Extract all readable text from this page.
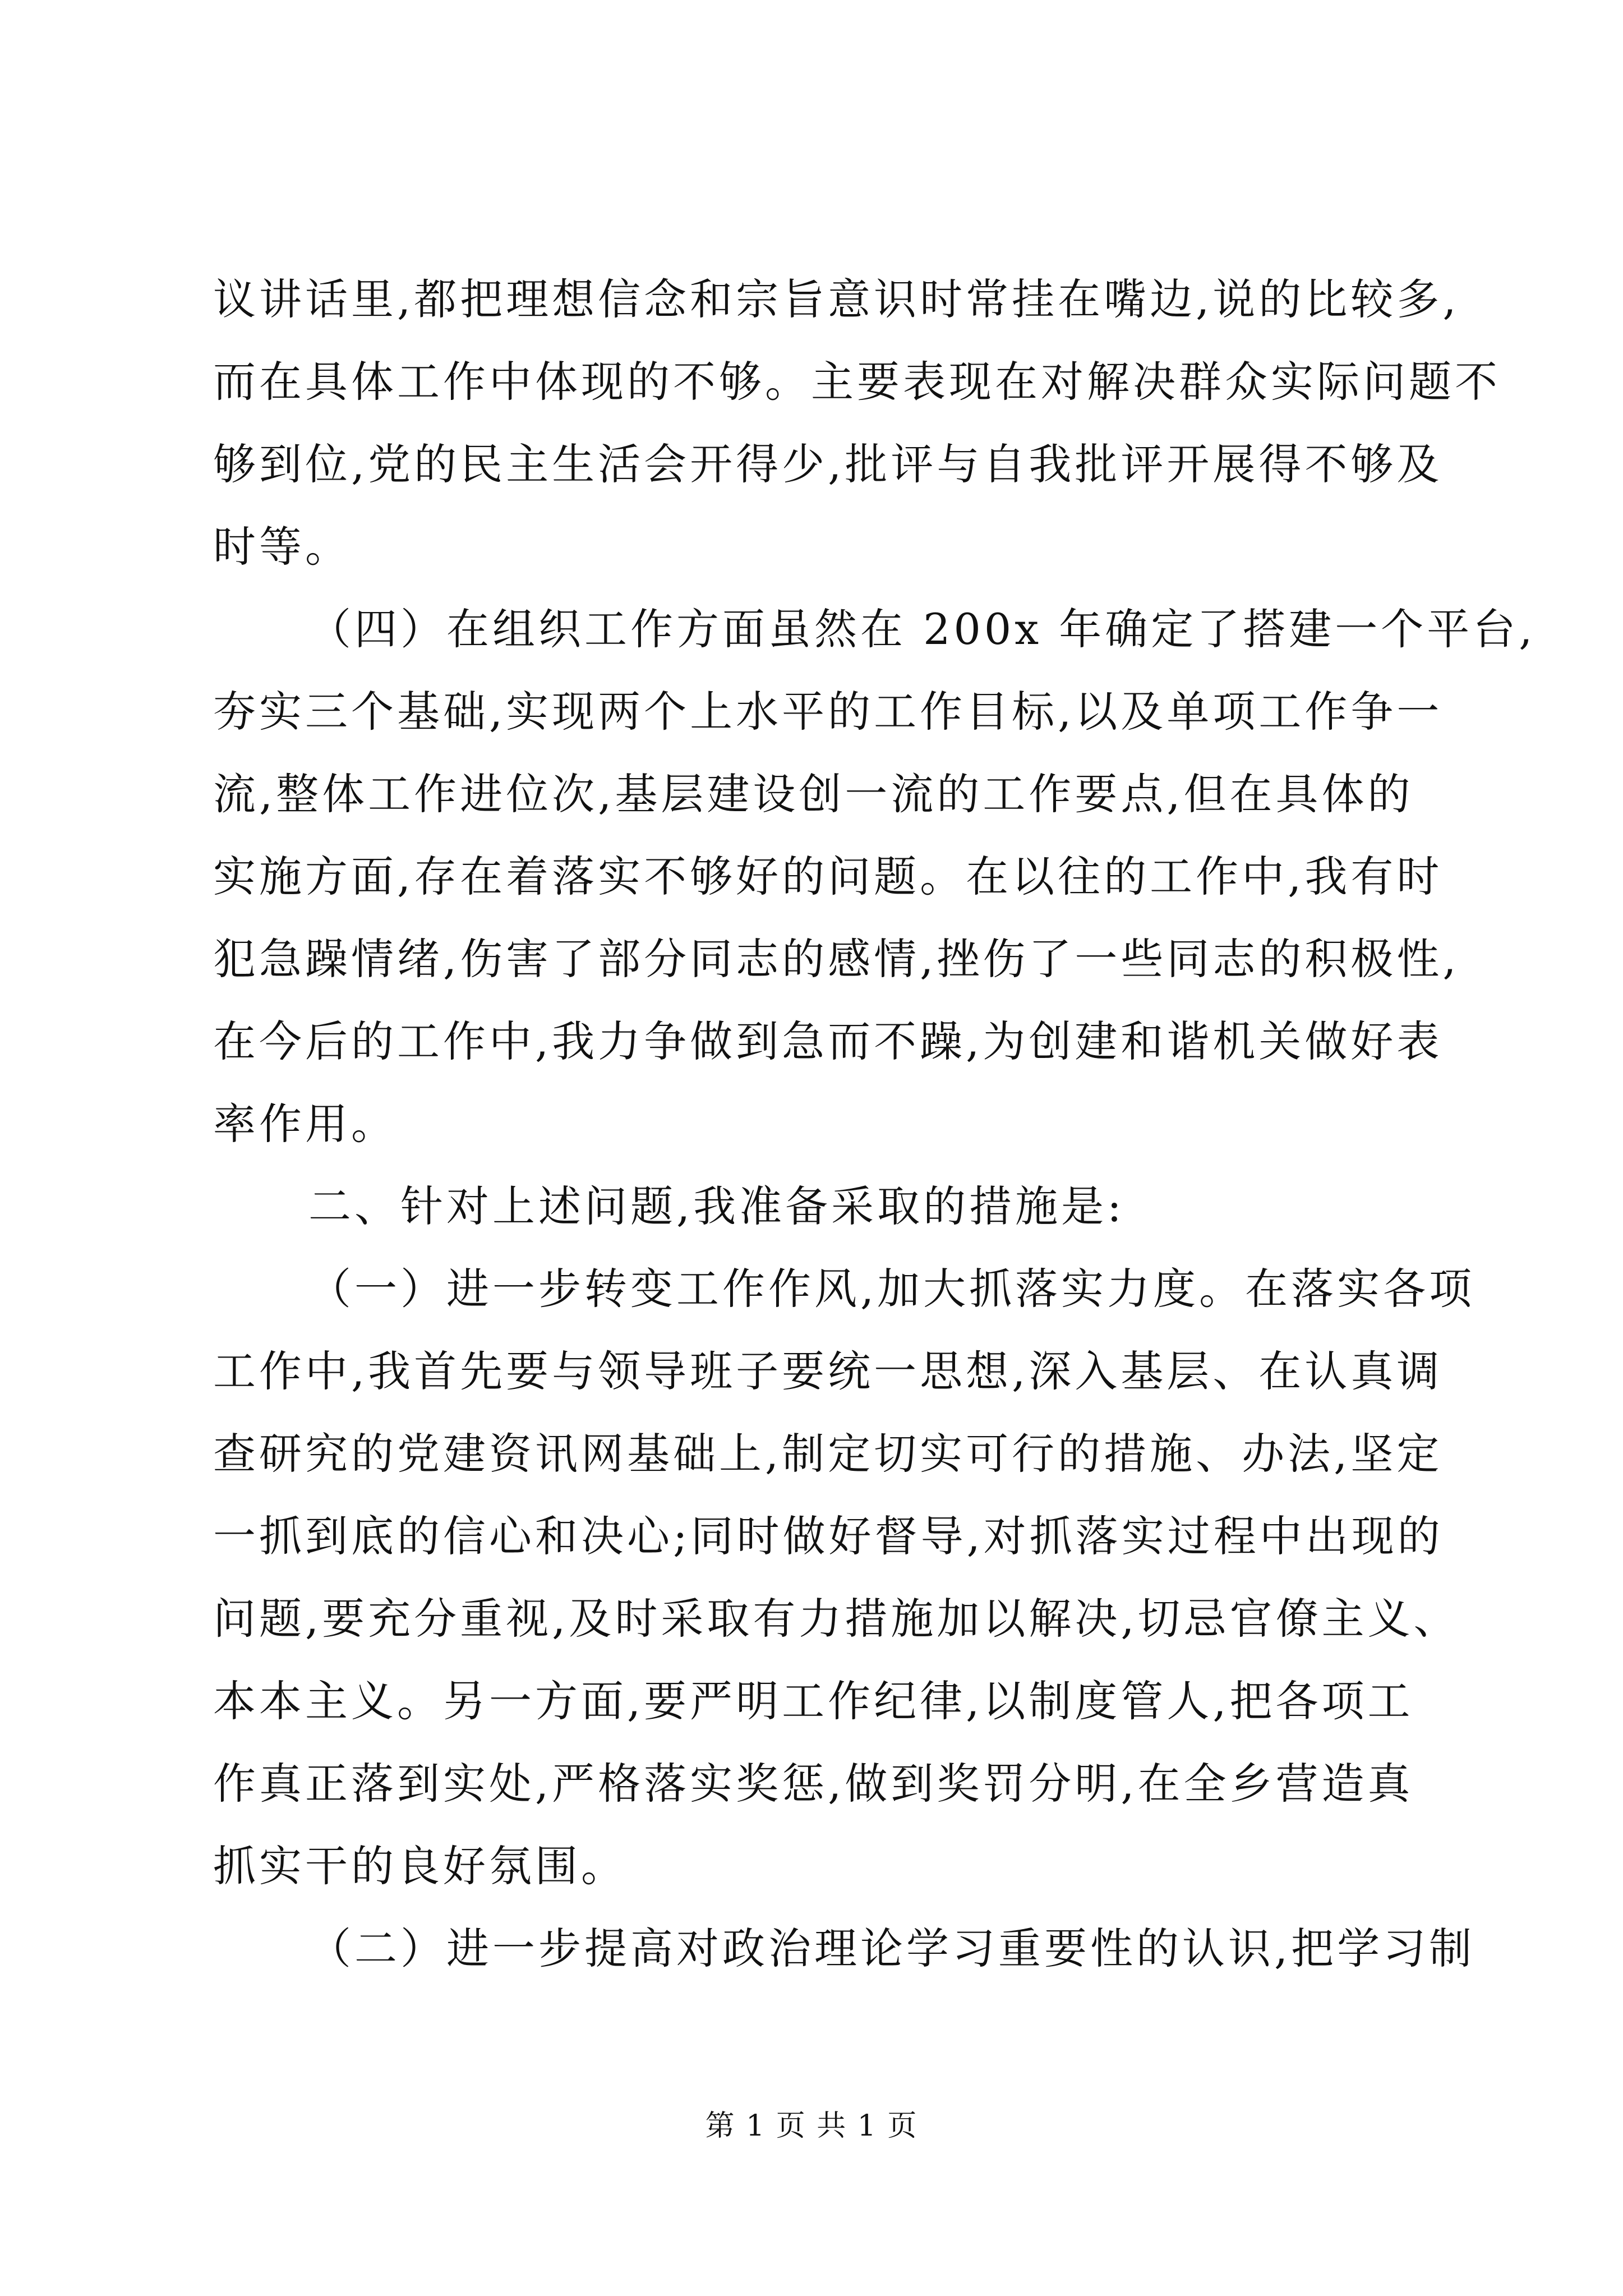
议讲话里,都把理想信念和宗旨意识时常挂在嘴边,说的比较多,
而在具体工作中体现的不够。主要表现在对解决群众实际问题不
够到位,党的民主生活会开得少,批评与自我批评开展得不够及
时等。
（四）在组织工作方面虽然在 200x 年确定了搭建一个平台,
夯实三个基础,实现两个上水平的工作目标,以及单项工作争一
流,整体工作进位次,基层建设创一流的工作要点,但在具体的
实施方面,存在着落实不够好的问题。在以往的工作中,我有时
犯急躁情绪,伤害了部分同志的感情,挫伤了一些同志的积极性,
在今后的工作中,我力争做到急而不躁,为创建和谐机关做好表
率作用。
二、针对上述问题,我准备采取的措施是:
（一）进一步转变工作作风,加大抓落实力度。在落实各项
工作中,我首先要与领导班子要统一思想,深入基层、在认真调
查研究的党建资讯网基础上,制定切实可行的措施、办法,坚定
一抓到底的信心和决心;同时做好督导,对抓落实过程中出现的
问题,要充分重视,及时采取有力措施加以解决,切忌官僚主义、
本本主义。另一方面,要严明工作纪律,以制度管人,把各项工
作真正落到实处,严格落实奖惩,做到奖罚分明,在全乡营造真
抓实干的良好氛围。
（二）进一步提高对政治理论学习重要性的认识,把学习制
第 1 页 共 1 页
